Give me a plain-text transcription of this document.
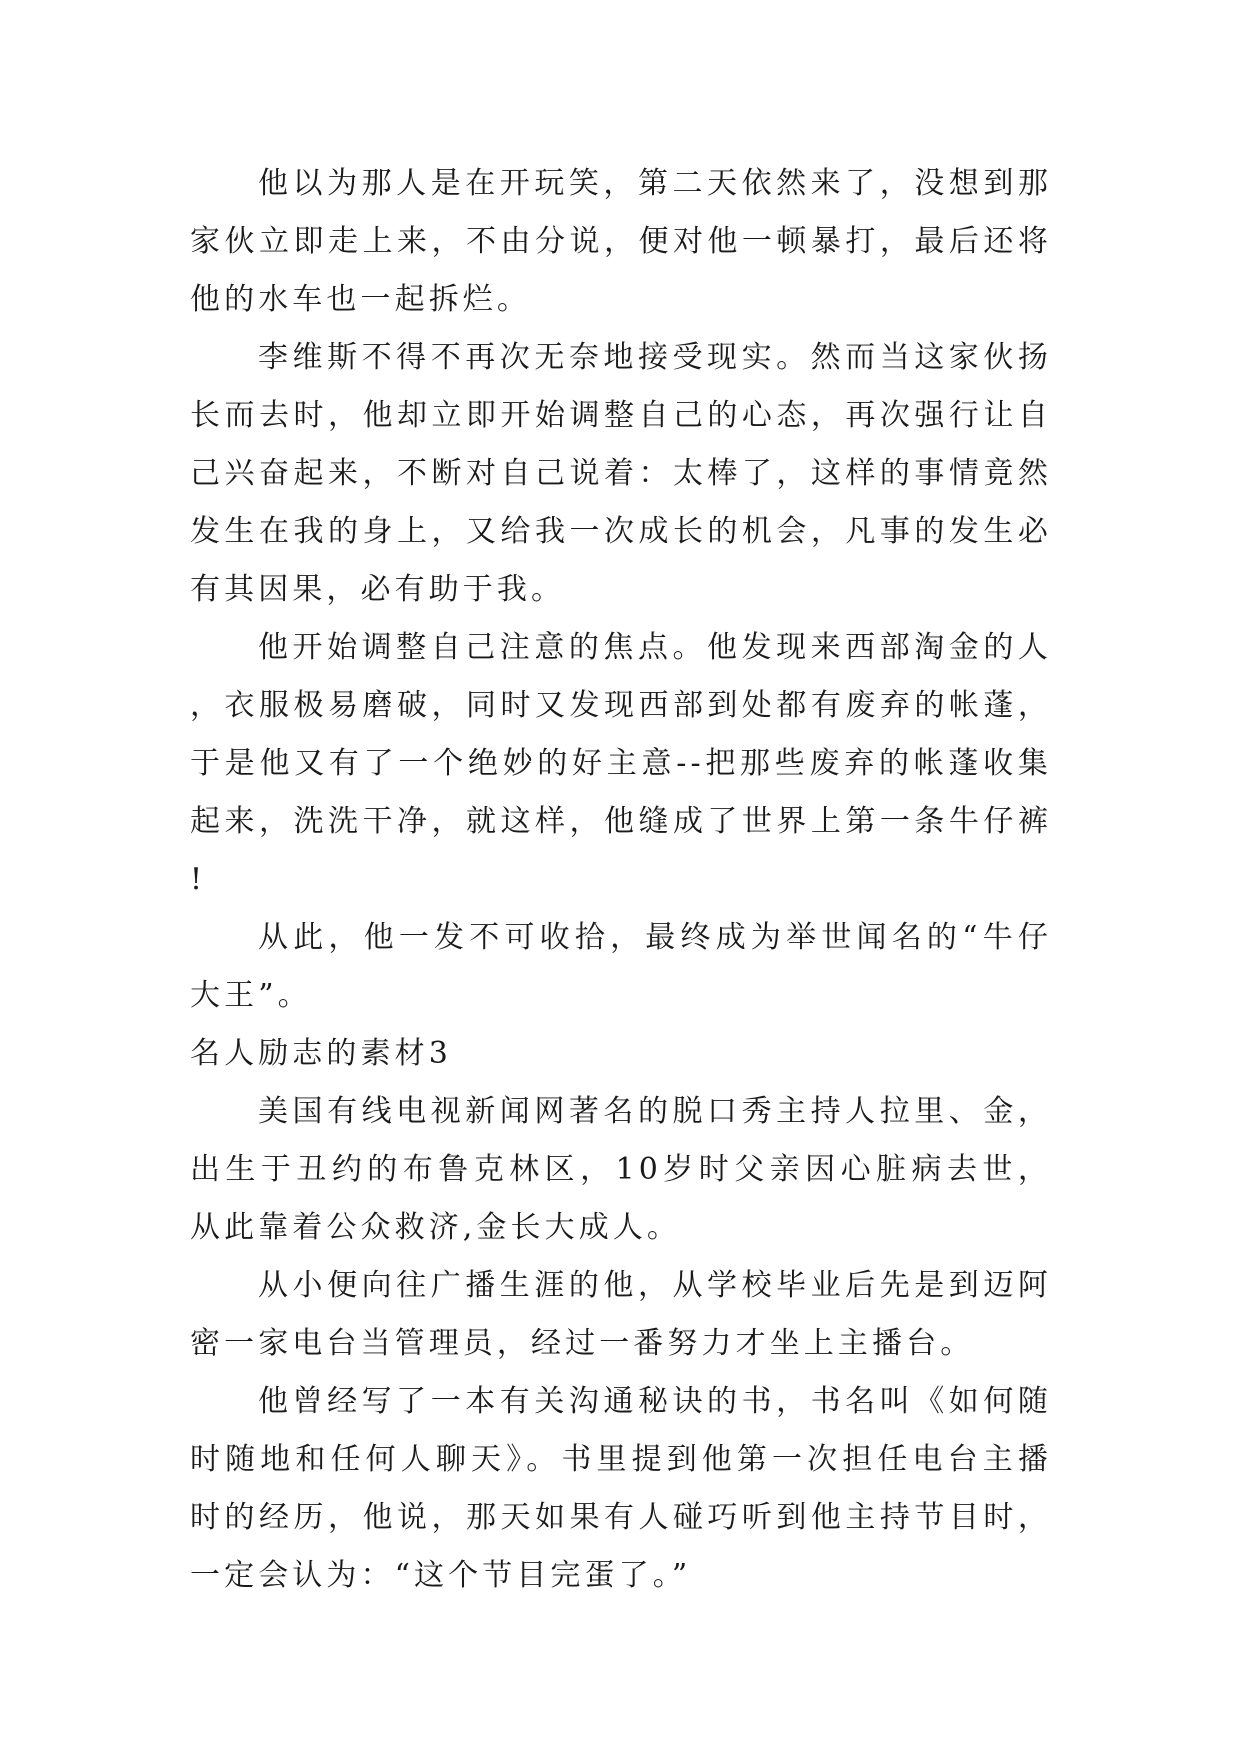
他以为那人是在开玩笑，第二天依然来了，没想到那家伙立即走上来，不由分说，便对他一顿暴打，最后还将他的水车也一起拆烂。

李维斯不得不再次无奈地接受现实。然而当这家伙扬长而去时，他却立即开始调整自己的心态，再次强行让自己兴奋起来，不断对自己说着：太棒了，这样的事情竟然发生在我的身上，又给我一次成长的机会，凡事的发生必有其因果，必有助于我。

他开始调整自己注意的焦点。他发现来西部淘金的人，衣服极易磨破，同时又发现西部到处都有废弃的帐蓬，于是他又有了一个绝妙的好主意--把那些废弃的帐蓬收集起来，洗洗干净，就这样，他缝成了世界上第一条牛仔裤!

从此，他一发不可收拾，最终成为举世闻名的“牛仔大王”。

名人励志的素材3

美国有线电视新闻网著名的脱口秀主持人拉里、金，出生于丑约的布鲁克林区，10岁时父亲因心脏病去世，从此靠着公众救济,金长大成人。

从小便向往广播生涯的他，从学校毕业后先是到迈阿密一家电台当管理员，经过一番努力才坐上主播台。

他曾经写了一本有关沟通秘诀的书，书名叫《如何随时随地和任何人聊天》。书里提到他第一次担任电台主播时的经历，他说，那天如果有人碰巧听到他主持节目时，一定会认为：“这个节目完蛋了。”
